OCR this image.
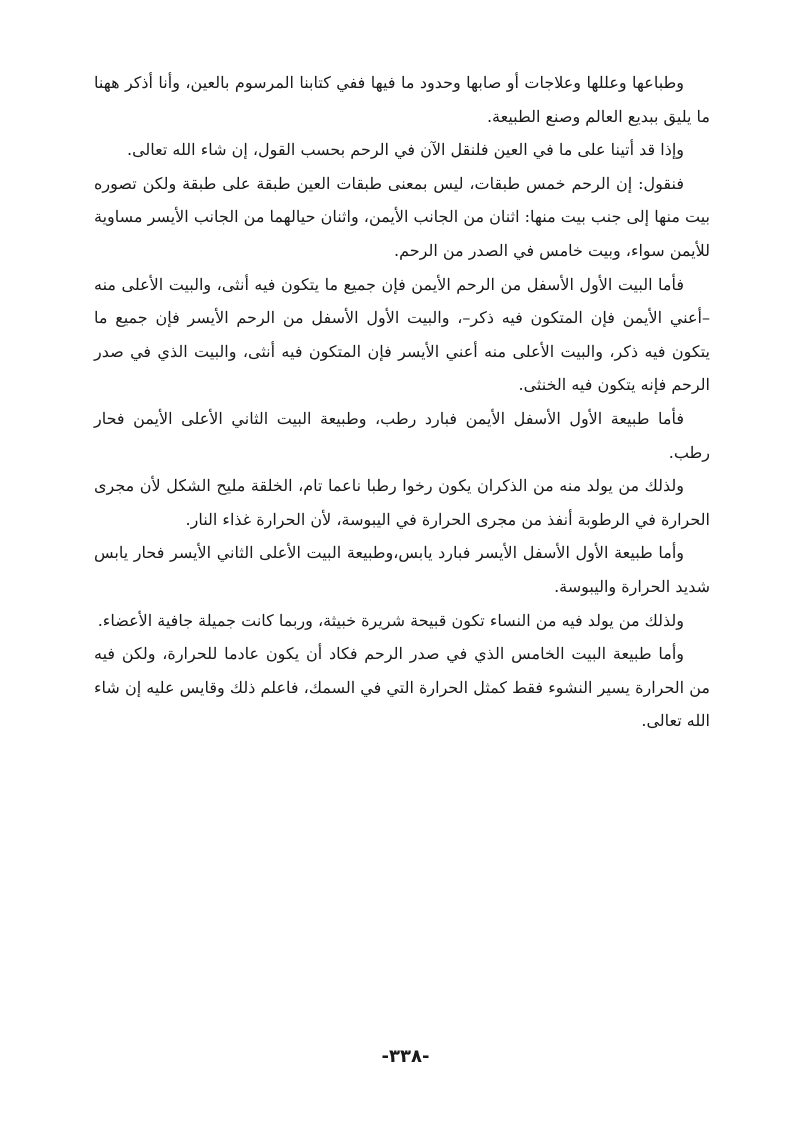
وطباعها وعللها وعلاجات أو صابها وحدود ما فيها ففي كتابنا المرسوم بالعين، وأنا أذكر ههنا ما يليق ببديع العالم وصنع الطبيعة.

وإذا قد أتينا على ما في العين فلنقل الآن في الرحم بحسب القول، إن شاء الله تعالى.

فنقول: إن الرحم خمس طبقات، ليس بمعنى طبقات العين طبقة على طبقة ولكن تصوره بيت منها إلى جنب بيت منها: اثنان من الجانب الأيمن، واثنان حيالهما من الجانب الأيسر مساوية للأيمن سواء، وبيت خامس في الصدر من الرحم.

فأما البيت الأول الأسفل من الرحم الأيمن فإن جميع ما يتكون فيه أنثى، والبيت الأعلى منه –أعني الأيمن فإن المتكون فيه ذكر–، والبيت الأول الأسفل من الرحم الأيسر فإن جميع ما يتكون فيه ذكر، والبيت الأعلى منه أعني الأيسر فإن المتكون فيه أنثى، والبيت الذي في صدر الرحم فإنه يتكون فيه الخنثى.

فأما طبيعة الأول الأسفل الأيمن فبارد رطب، وطبيعة البيت الثاني الأعلى الأيمن فحار رطب.

ولذلك من يولد منه من الذكران يكون رخوا رطبا ناعما تام، الخلقة مليح الشكل لأن مجرى الحرارة في الرطوبة أنفذ من مجرى الحرارة في اليبوسة، لأن الحرارة غذاء النار.

وأما طبيعة الأول الأسفل الأيسر فبارد يابس،وطبيعة البيت الأعلى الثاني الأيسر فحار يابس شديد الحرارة واليبوسة.

ولذلك من يولد فيه من النساء تكون قبيحة شريرة خبيثة، وربما كانت جميلة جافية الأعضاء.

وأما طبيعة البيت الخامس الذي في صدر الرحم فكاد أن يكون عادما للحرارة، ولكن فيه من الحرارة يسير النشوء فقط كمثل الحرارة التي في السمك، فاعلم ذلك وقايس عليه إن شاء الله تعالى.

-٣٣٨-
